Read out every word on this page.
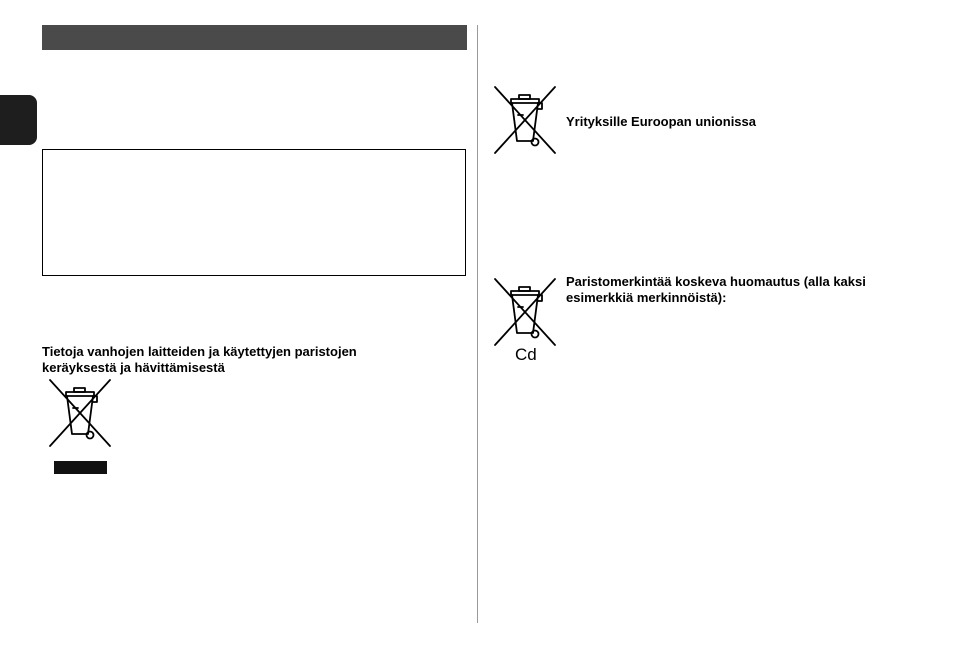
Tietoja vanhojen laitteiden ja käytettyjen paristojen keräyksestä ja hävittämisestä

Yrityksille Euroopan unionissa

Cd

Paristomerkintää koskeva huomautus (alla kaksi esimerkkiä merkinnöistä):
